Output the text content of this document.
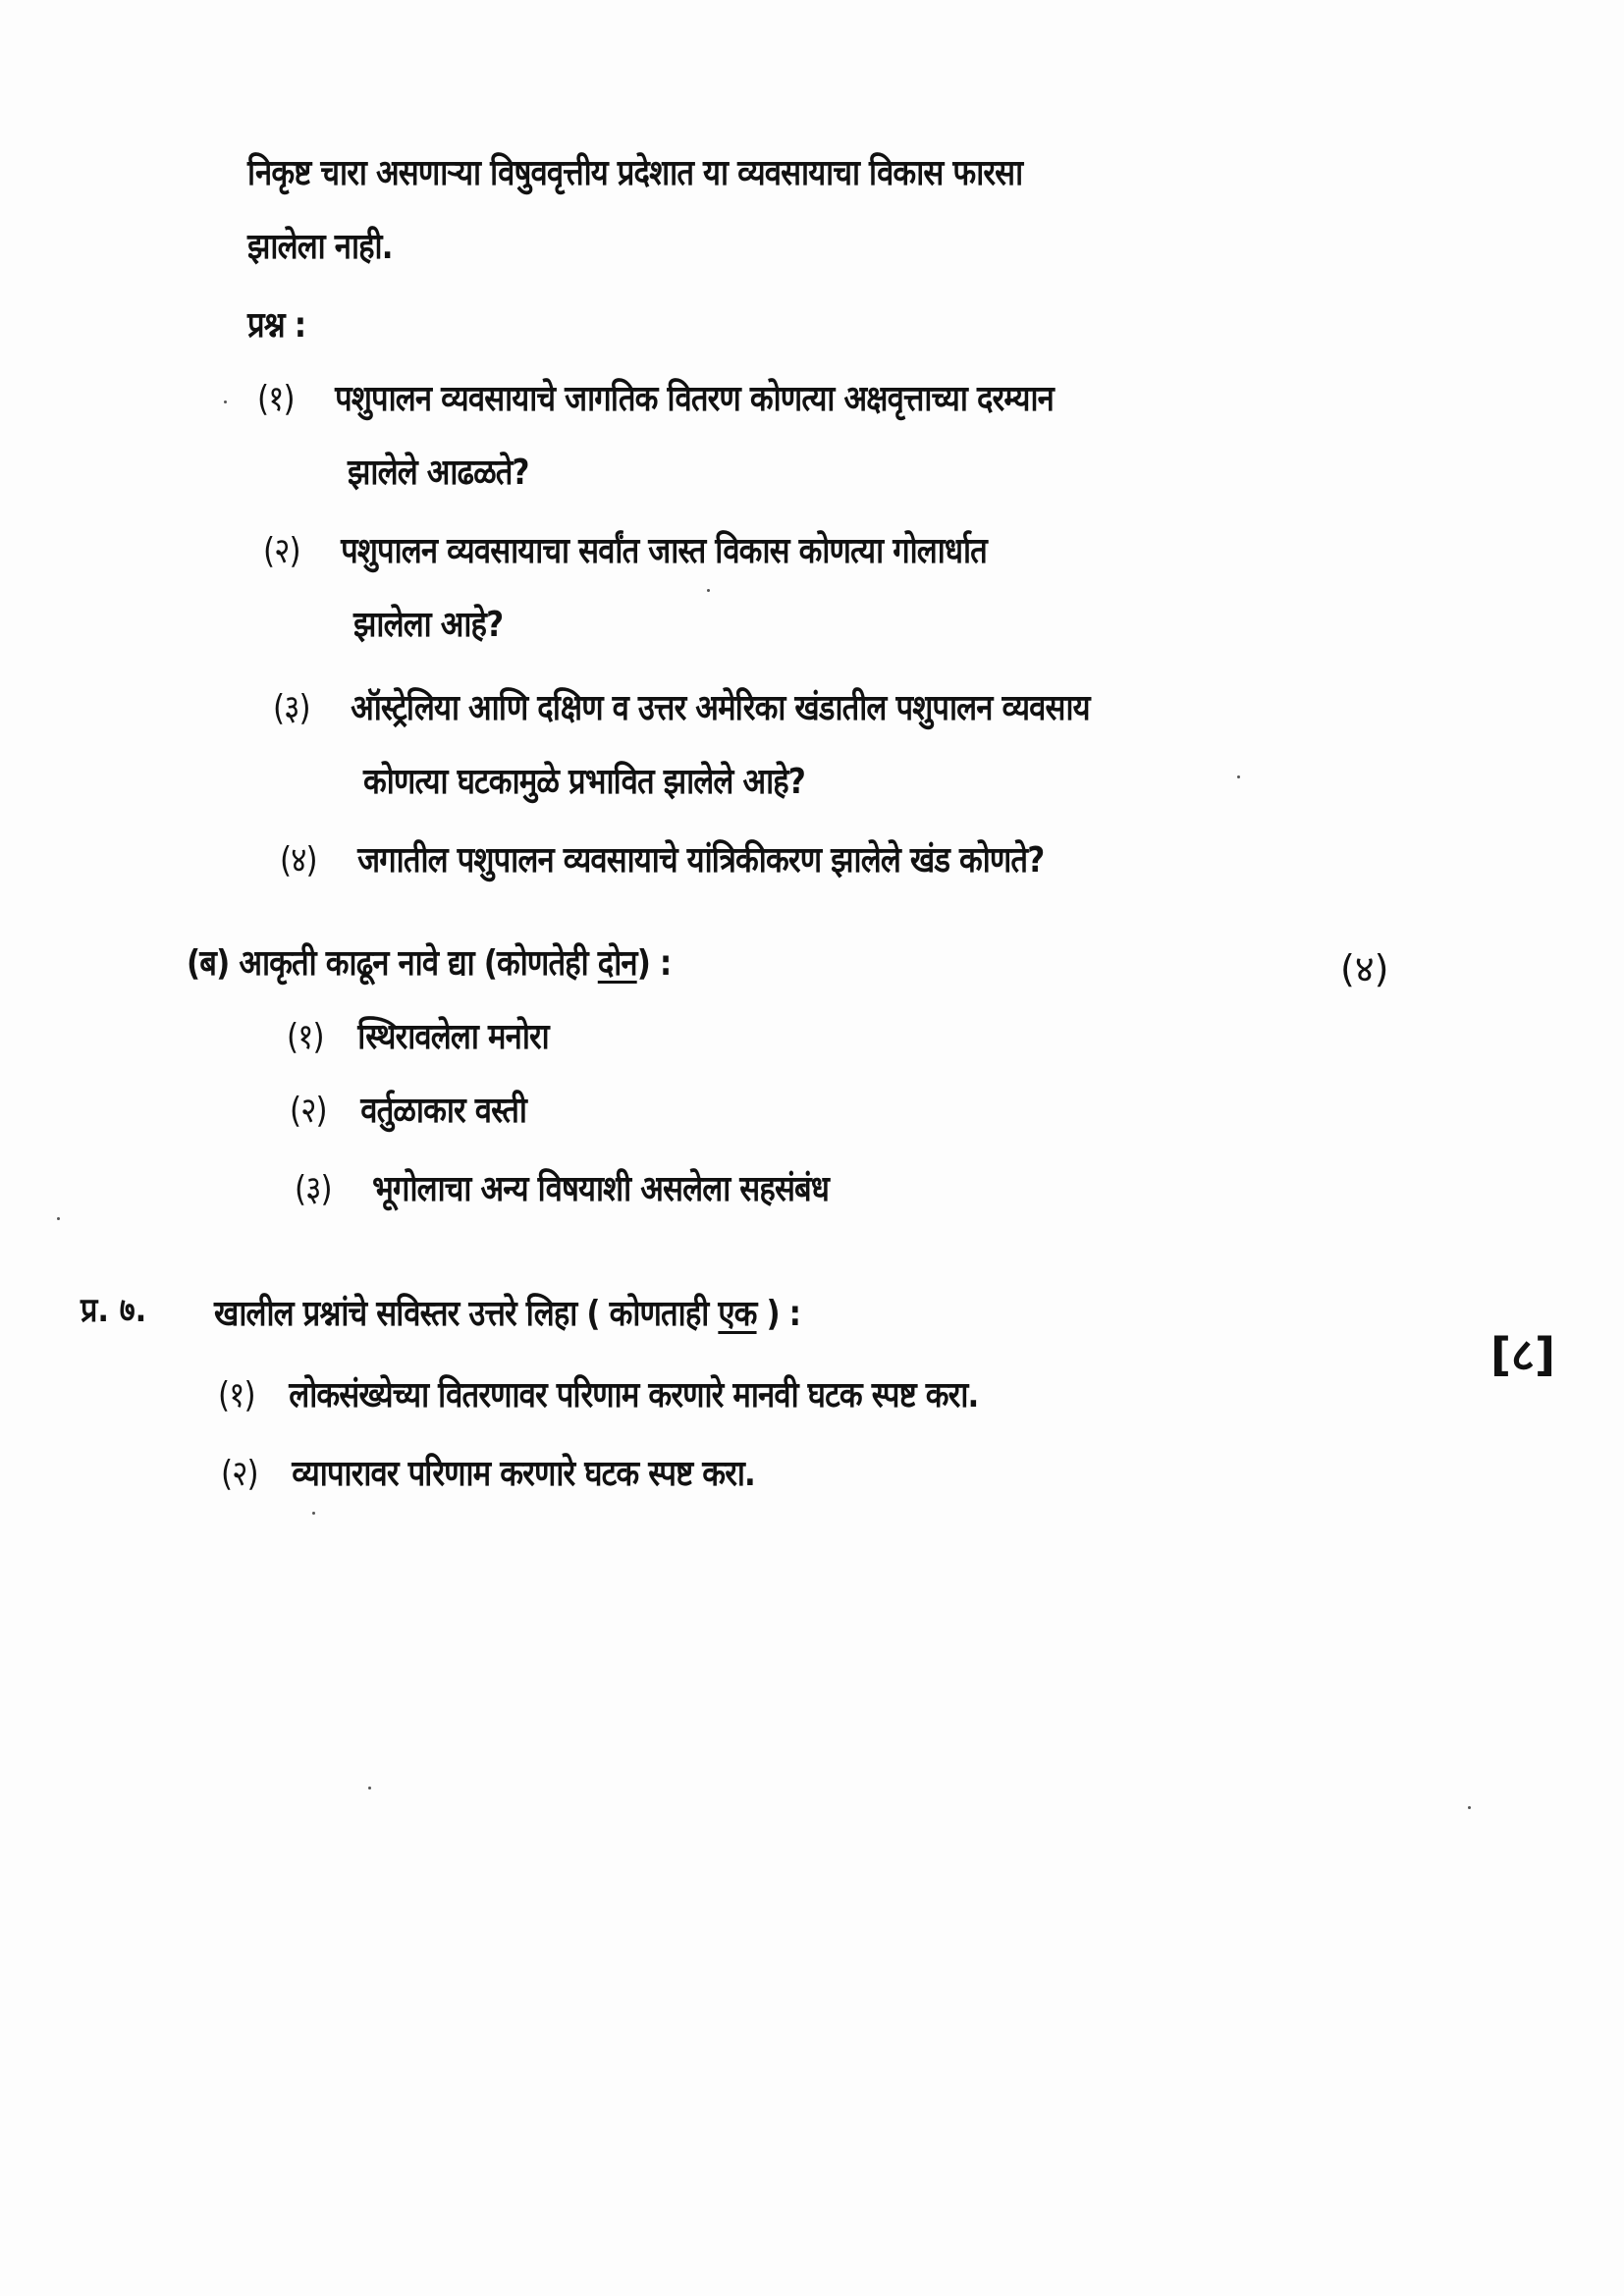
निकृष्ट चारा असणाऱ्या विषुववृत्तीय प्रदेशात या व्यवसायाचा विकास फारसा
झालेला नाही.
प्रश्न :
(१) पशुपालन व्यवसायाचे जागतिक वितरण कोणत्या अक्षवृत्ताच्या दरम्यान
झालेले आढळते?
(२) पशुपालन व्यवसायाचा सर्वांत जास्त विकास कोणत्या गोलार्धात
झालेला आहे?
(३) ऑस्ट्रेलिया आणि दक्षिण व उत्तर अमेरिका खंडातील पशुपालन व्यवसाय
कोणत्या घटकामुळे प्रभावित झालेले आहे?
(४) जगातील पशुपालन व्यवसायाचे यांत्रिकीकरण झालेले खंड कोणते?
(ब) आकृती काढून नावे द्या (कोणतेही दोन) :	(४)
(१) स्थिरावलेला मनोरा
(२) वर्तुळाकार वस्ती
(३) भूगोलाचा अन्य विषयाशी असलेला सहसंबंध
प्र. ७. खालील प्रश्नांचे सविस्तर उत्तरे लिहा ( कोणताही एक ) :
[८]
(१) लोकसंख्येच्या वितरणावर परिणाम करणारे मानवी घटक स्पष्ट करा.
(२) व्यापारावर परिणाम करणारे घटक स्पष्ट करा.
